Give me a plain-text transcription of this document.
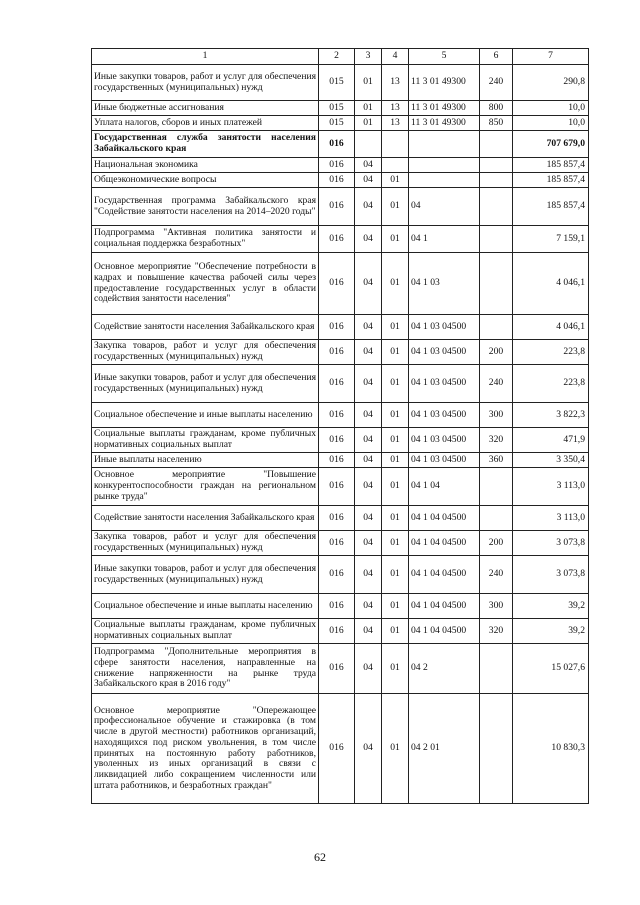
1	2	3	4	5	6	7
Иные закупки товаров, работ и услуг для обеспечения государственных (муниципальных) нужд	015	01	13	11 3 01 49300	240	290,8
Иные бюджетные ассигнования	015	01	13	11 3 01 49300	800	10,0
Уплата налогов, сборов и иных платежей	015	01	13	11 3 01 49300	850	10,0
Государственная служба занятости населения Забайкальского края	016					707 679,0
Национальная экономика	016	04				185 857,4
Общеэкономические вопросы	016	04	01			185 857,4
Государственная программа Забайкальского края "Содействие занятости населения на 2014–2020 годы"	016	04	01	04		185 857,4
Подпрограмма "Активная политика занятости и социальная поддержка безработных"	016	04	01	04 1		7 159,1
Основное мероприятие "Обеспечение потребности в кадрах и повышение качества рабочей силы через предоставление государственных услуг в области содействия занятости населения"	016	04	01	04 1 03		4 046,1
Содействие занятости населения Забайкальского края	016	04	01	04 1 03 04500		4 046,1
Закупка товаров, работ и услуг для обеспечения государственных (муниципальных) нужд	016	04	01	04 1 03 04500	200	223,8
Иные закупки товаров, работ и услуг для обеспечения государственных (муниципальных) нужд	016	04	01	04 1 03 04500	240	223,8
Социальное обеспечение и иные выплаты населению	016	04	01	04 1 03 04500	300	3 822,3
Социальные выплаты гражданам, кроме публичных нормативных социальных выплат	016	04	01	04 1 03 04500	320	471,9
Иные выплаты населению	016	04	01	04 1 03 04500	360	3 350,4
Основное мероприятие "Повышение конкурентоспособности граждан на региональном рынке труда"	016	04	01	04 1 04		3 113,0
Содействие занятости населения Забайкальского края	016	04	01	04 1 04 04500		3 113,0
Закупка товаров, работ и услуг для обеспечения государственных (муниципальных) нужд	016	04	01	04 1 04 04500	200	3 073,8
Иные закупки товаров, работ и услуг для обеспечения государственных (муниципальных) нужд	016	04	01	04 1 04 04500	240	3 073,8
Социальное обеспечение и иные выплаты населению	016	04	01	04 1 04 04500	300	39,2
Социальные выплаты гражданам, кроме публичных нормативных социальных выплат	016	04	01	04 1 04 04500	320	39,2
Подпрограмма "Дополнительные мероприятия в сфере занятости населения, направленные на снижение напряженности на рынке труда Забайкальского края в 2016 году"	016	04	01	04 2		15 027,6
Основное мероприятие "Опережающее профессиональное обучение и стажировка (в том числе в другой местности) работников организаций, находящихся под риском увольнения, в том числе принятых на постоянную работу работников, уволенных из иных организаций в связи с ликвидацией либо сокращением численности или штата работников, и безработных граждан"	016	04	01	04 2 01		10 830,3
62
